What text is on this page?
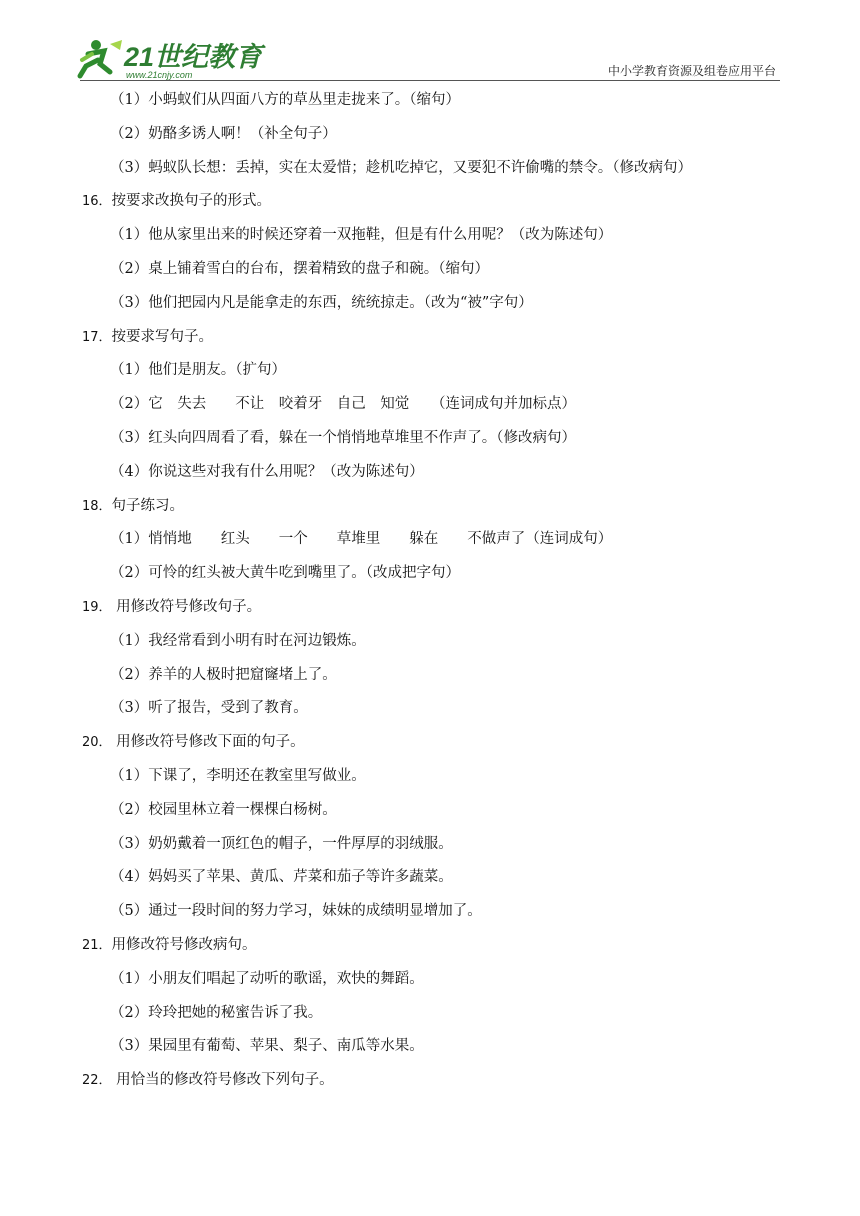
21世纪教育
www.21cnjy.com	中小学教育资源及组卷应用平台
（1）小蚂蚁们从四面八方的草丛里走拢来了。（缩句）
（2）奶酪多诱人啊！（补全句子）
（3）蚂蚁队长想：丢掉，实在太爱惜；趁机吃掉它，又要犯不许偷嘴的禁令。（修改病句）
16．按要求改换句子的形式。
（1）他从家里出来的时候还穿着一双拖鞋，但是有什么用呢？（改为陈述句）
（2）桌上铺着雪白的台布，摆着精致的盘子和碗。（缩句）
（3）他们把园内凡是能拿走的东西，统统掠走。（改为“被”字句）
17．按要求写句子。
（1）他们是朋友。（扩句）
（2）它　失去　　不让　咬着牙　自己　知觉　　（连词成句并加标点）
（3）红头向四周看了看，躲在一个悄悄地草堆里不作声了。（修改病句）
（4）你说这些对我有什么用呢？（改为陈述句）
18．句子练习。
（1）悄悄地　　红头　　一个　　草堆里　　躲在　　不做声了（连词成句）
（2）可怜的红头被大黄牛吃到嘴里了。（改成把字句）
19． 用修改符号修改句子。
（1）我经常看到小明有时在河边锻炼。
（2）养羊的人极时把窟窿堵上了。
（3）听了报告，受到了教育。
20． 用修改符号修改下面的句子。
（1）下课了，李明还在教室里写做业。
（2）校园里林立着一棵棵白杨树。
（3）奶奶戴着一顶红色的帽子，一件厚厚的羽绒服。
（4）妈妈买了苹果、黄瓜、芹菜和茄子等许多蔬菜。
（5）通过一段时间的努力学习，妹妹的成绩明显增加了。
21．用修改符号修改病句。
（1）小朋友们唱起了动听的歌谣，欢快的舞蹈。
（2）玲玲把她的秘蜜告诉了我。
（3）果园里有葡萄、苹果、梨子、南瓜等水果。
22． 用恰当的修改符号修改下列句子。
